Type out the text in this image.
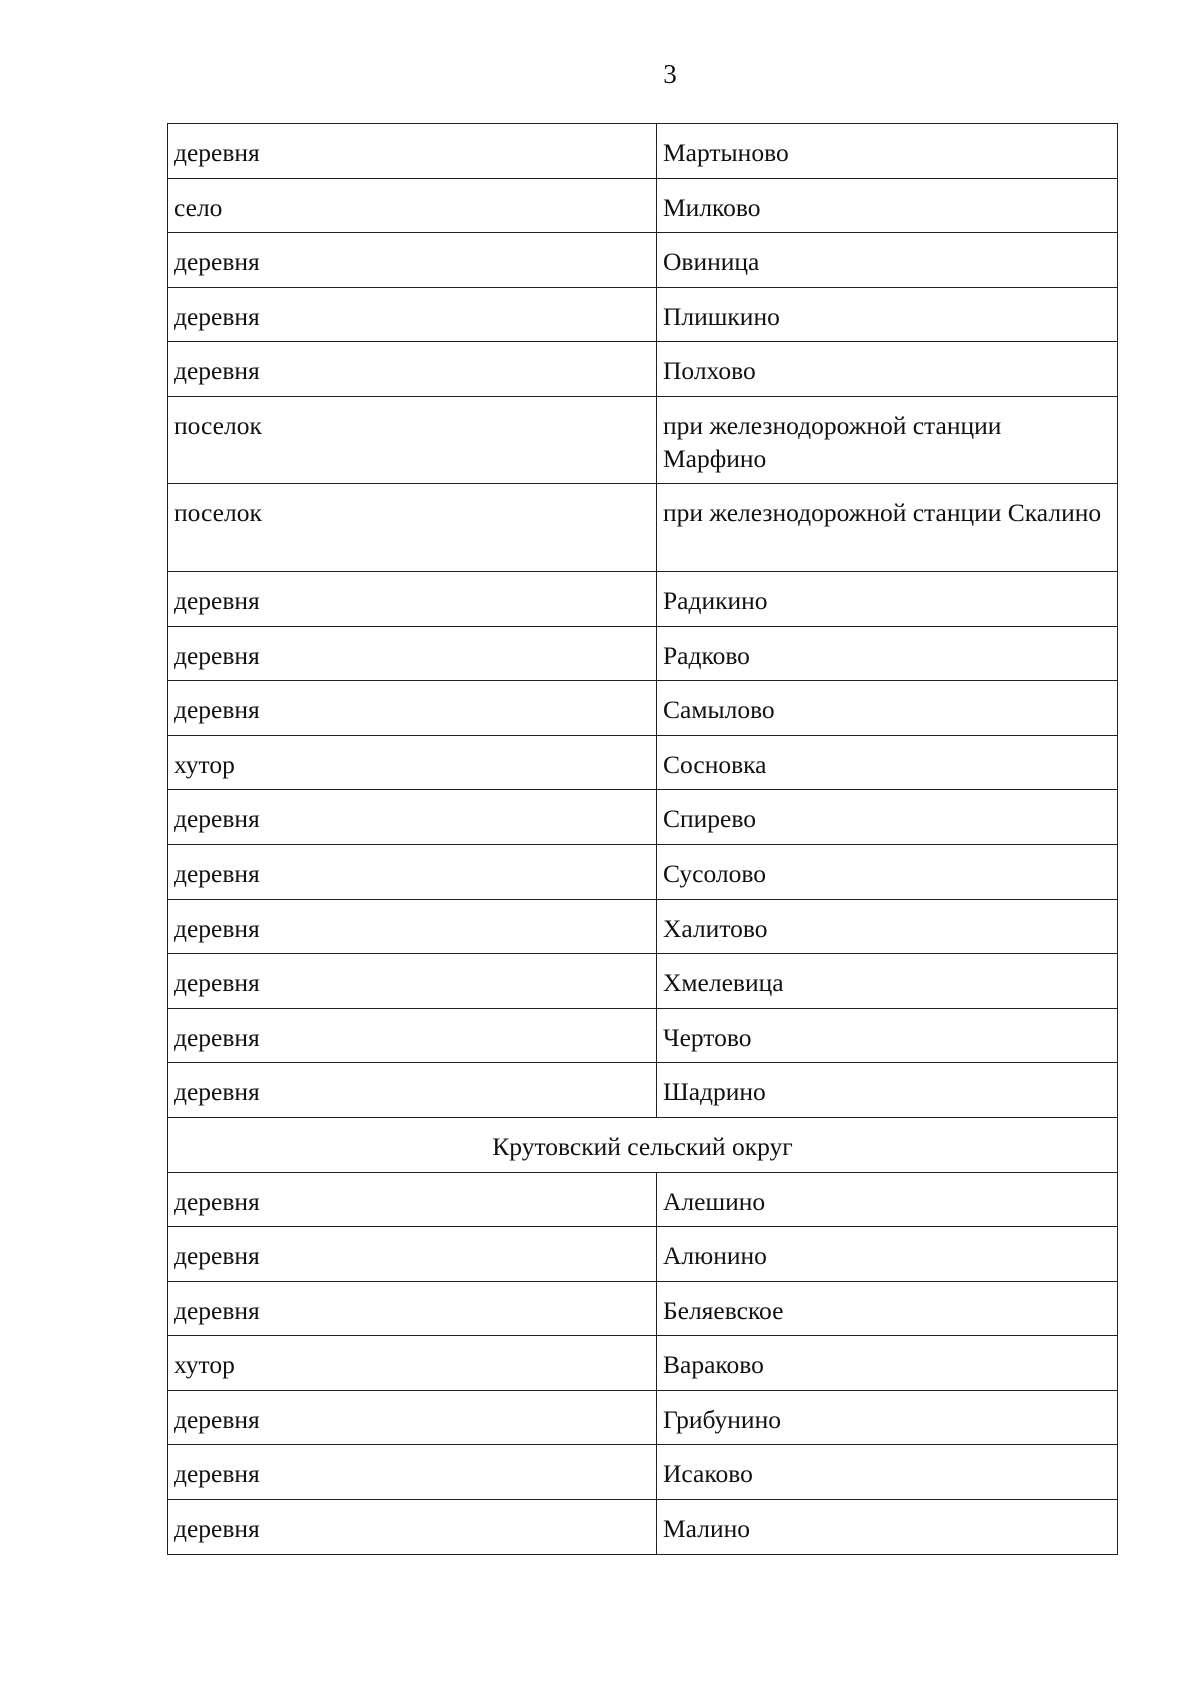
3
деревня	Мартыново
село	Милково
деревня	Овиница
деревня	Плишкино
деревня	Полхово
поселок	при железнодорожной станции Марфино
поселок	при железнодорожной станции Скалино
деревня	Радикино
деревня	Радково
деревня	Самылово
хутор	Сосновка
деревня	Спирево
деревня	Сусолово
деревня	Халитово
деревня	Хмелевица
деревня	Чертово
деревня	Шадрино
Крутовский сельский округ	
деревня	Алешино
деревня	Алюнино
деревня	Беляевское
хутор	Вараково
деревня	Грибунино
деревня	Исаково
деревня	Малино
